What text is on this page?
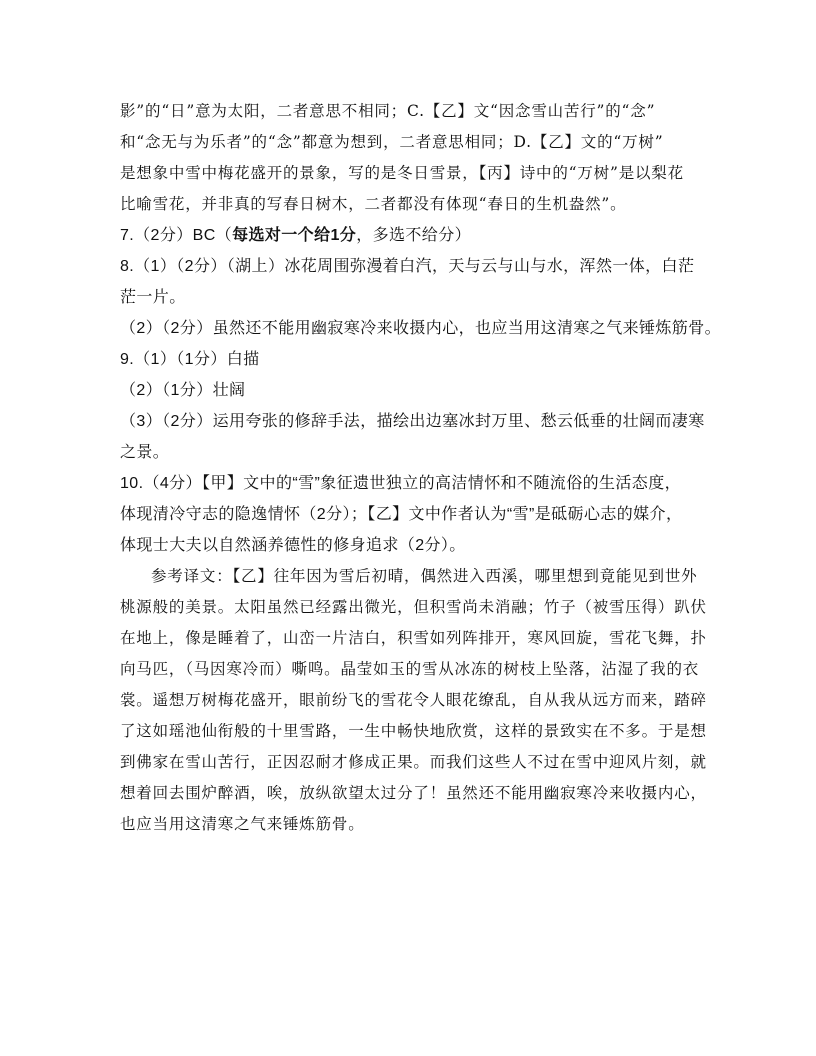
影”的“日”意为太阳，二者意思不相同；C.【乙】文“因念雪山苦行”的“念”
和“念无与为乐者”的“念”都意为想到，二者意思相同；D.【乙】文的“万树”
是想象中雪中梅花盛开的景象，写的是冬日雪景，【丙】诗中的“万树”是以梨花
比喻雪花，并非真的写春日树木，二者都没有体现“春日的生机盎然”。
7.（2分）BC（每选对一个给1分，多选不给分）
8.（1）（2分）（湖上）冰花周围弥漫着白汽，天与云与山与水，浑然一体，白茫
茫一片。
（2）（2分）虽然还不能用幽寂寒冷来收摄内心，也应当用这清寒之气来锤炼筋骨。
9.（1）（1分）白描
（2）（1分）壮阔
（3）（2分）运用夸张的修辞手法，描绘出边塞冰封万里、愁云低垂的壮阔而凄寒
之景。
10.（4分）【甲】文中的“雪”象征遗世独立的高洁情怀和不随流俗的生活态度，
体现清冷守志的隐逸情怀（2分）；【乙】文中作者认为“雪”是砥砺心志的媒介，
体现士大夫以自然涵养德性的修身追求（2分）。
参考译文：【乙】往年因为雪后初晴，偶然进入西溪，哪里想到竟能见到世外
桃源般的美景。太阳虽然已经露出微光，但积雪尚未消融；竹子（被雪压得）趴伏
在地上，像是睡着了，山峦一片洁白，积雪如列阵排开，寒风回旋，雪花飞舞，扑
向马匹，（马因寒冷而）嘶鸣。晶莹如玉的雪从冰冻的树枝上坠落，沾湿了我的衣
裳。遥想万树梅花盛开，眼前纷飞的雪花令人眼花缭乱，自从我从远方而来，踏碎
了这如瑶池仙衔般的十里雪路，一生中畅快地欣赏，这样的景致实在不多。于是想
到佛家在雪山苦行，正因忍耐才修成正果。而我们这些人不过在雪中迎风片刻，就
想着回去围炉醉酒，唉，放纵欲望太过分了！虽然还不能用幽寂寒冷来收摄内心，
也应当用这清寒之气来锤炼筋骨。
